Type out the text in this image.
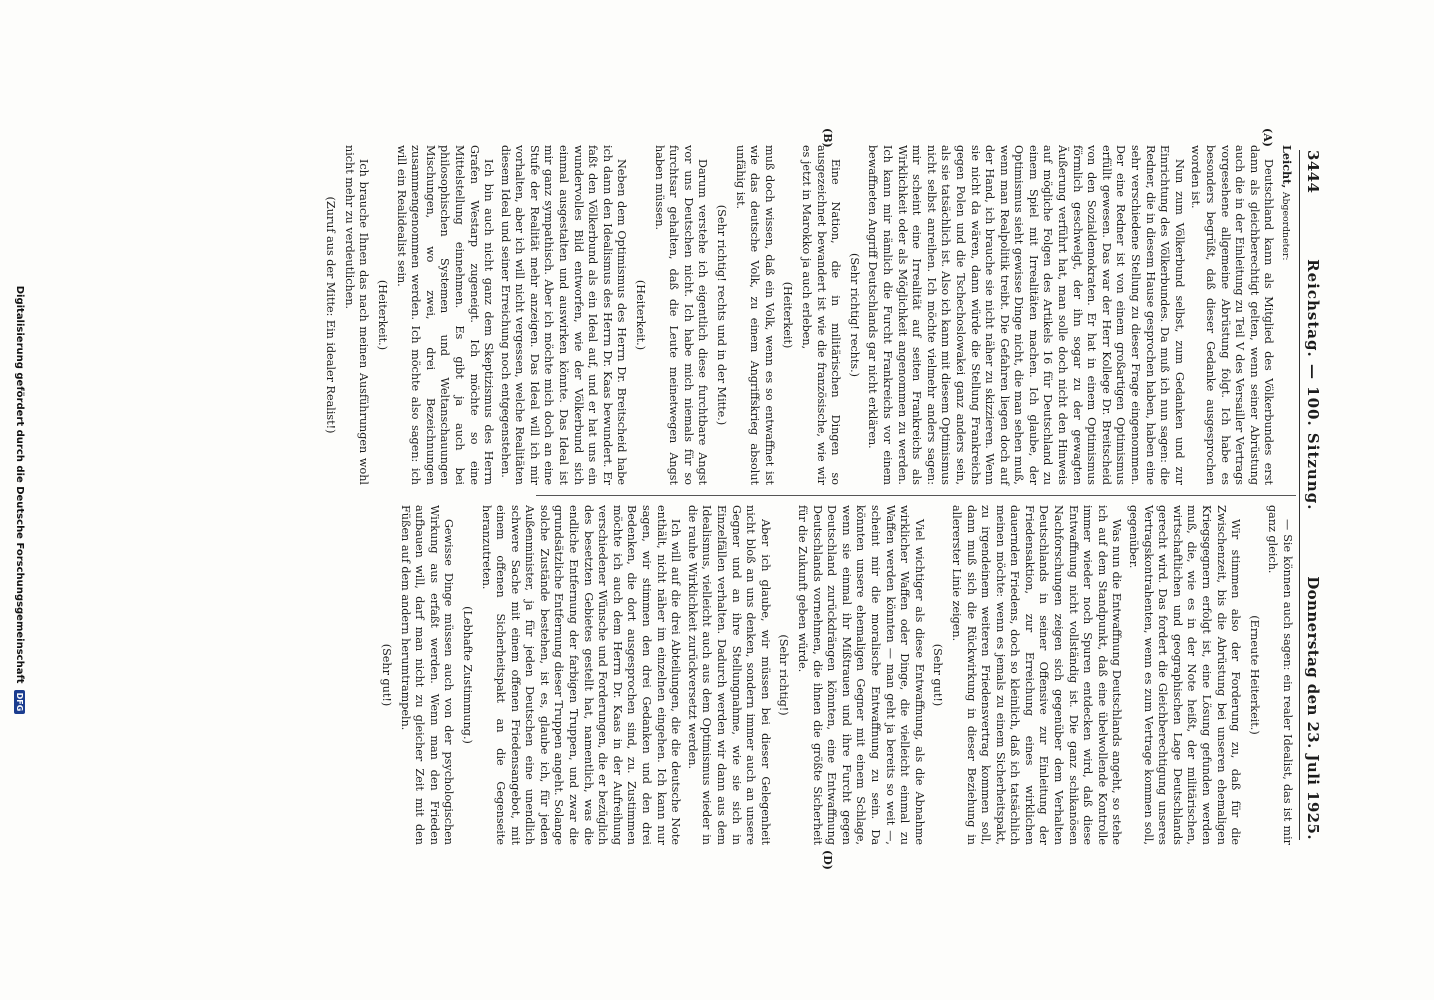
3444
Reichstag. — 100. Sitzung.
Donnerstag den 23. Juli 1925.
(A)
(B)
(D)

Leicht, Abgeordneter:

Deutschland kann als Mitglied des Völkerbundes erst dann als gleichberechtigt gelten, wenn seiner Abrüstung auch die in der Einleitung zu Teil V des Versailler Vertrags vorgesehene allgemeine Abrüstung folgt. Ich habe es besonders begrüßt, daß dieser Gedanke ausgesprochen worden ist.

Nun zum Völkerbund selbst, zum Gedanken und zur Einrichtung des Völkerbundes. Da muß ich nun sagen: die Redner, die in diesem Hause gesprochen haben, haben eine sehr verschiedene Stellung zu dieser Frage eingenommen. Der eine Redner ist von einem großartigen Optimismus erfüllt gewesen. Das war der Herr Kollege Dr. Breitscheid von den Sozialdemokraten. Er hat in einem Optimismus förmlich geschwelgt, der ihn sogar zu der gewagten Äußerung verführt hat, man solle doch nicht den Hinweis auf mögliche Folgen des Artikels 16 für Deutschland zu einem Spiel mit Irrealitäten machen. Ich glaube, der Optimismus sieht gewisse Dinge nicht, die man sehen muß, wenn man Realpolitik treibt. Die Gefahren liegen doch auf der Hand, ich brauche sie nicht näher zu skizzieren. Wenn sie nicht da wären, dann würde die Stellung Frankreichs gegen Polen und die Tschechoslowakei ganz anders sein, als sie tatsächlich ist. Also ich kann mit diesem Optimismus nicht selbst anreihen. Ich möchte vielmehr anders sagen: mir scheint eine Irrealität auf seiten Frankreichs als Wirklichkeit oder als Möglichkeit angenommen zu werden. Ich kann mir nämlich die Furcht Frankreichs vor einem bewaffneten Angriff Deutschlands gar nicht erklären.

(Sehr richtig! rechts.)

Eine Nation, die in militärischen Dingen so ausgezeichnet bewandert ist wie die französische, wie wir es jetzt in Marokko ja auch erleben,

(Heiterkeit)

muß doch wissen, daß ein Volk, wenn es so entwaffnet ist wie das deutsche Volk, zu einem Angriffskrieg absolut unfähig ist.

(Sehr richtig! rechts und in der Mitte.)

Darum verstehe ich eigentlich diese furchtbare Angst vor uns Deutschen nicht. Ich habe mich niemals für so furchtsar gehalten, daß die Leute meinetwegen Angst haben müssen.

(Heiterkeit.)

Neben dem Optimismus des Herrn Dr. Breitscheid habe ich dann den Idealismus des Herrn Dr. Kaas bewundert. Er faßt den Völkerbund als ein Ideal auf, und er hat uns ein wundervolles Bild entworfen, wie der Völkerbund sich einmal ausgestalten und auswirken könnte. Das Ideal ist mir ganz sympathisch. Aber ich möchte mich doch an eine Stufe der Realität mehr anzeigen. Das Ideal will ich mir vorhalten, aber ich will nicht vergessen, welche Realitäten diesem Ideal und seiner Erreichung noch entgegenstehen.

Ich bin auch nicht ganz dem Skeptizismus des Herrn Grafen Westarp zugeneigt. Ich möchte so eine Mittelstellung einnehmen. Es gibt ja auch bei philosophischen Systemen und Weltanschauungen Mischungen, wo zwei, drei Bezeichnungen zusammengenommen werden. Ich möchte also sagen: ich will ein Realidealist sein.

(Heiterkeit.)

Ich brauche Ihnen das nach meinen Ausführungen wohl nicht mehr zu verdeutlichen.

(Zuruf aus der Mitte: Ein idealer Realist!)

— Sie können auch sagen: ein realer Idealist, das ist mir ganz gleich.

(Erneute Heiterkeit.)

Wir stimmen also der Forderung zu, daß für die Zwischenzeit, bis die Abrüstung bei unseren ehemaligen Kriegsgegnern erfolgt ist, eine Lösung gefunden werden muß, die, wie es in der Note heißt, der militärischen, wirtschaftlichen und geographischen Lage Deutschlands gerecht wird. Das fordert die Gleichberechtigung unseres Vertragskontrahenten, wenn es zum Vertrage kommen soll, gegenüber.

Was nun die Entwaffnung Deutschlands angeht, so stehe ich auf dem Standpunkt, daß eine übelwollende Kontrolle immer wieder noch Spuren entdecken wird, daß diese Entwaffnung nicht vollständig ist. Die ganz schikanösen Nachforschungen zeigen sich gegenüber dem Verhalten Deutschlands in seiner Offensive zur Einleitung der Friedensaktion, zur Erreichung eines wirklichen dauernden Friedens, doch so kleinlich, daß ich tatsächlich meinen möchte: wenn es jemals zu einem Sicherheitspakt, zu irgendeinem weiteren Friedensvertrag kommen soll, dann muß sich die Rückwirkung in dieser Beziehung in allererster Linie zeigen.

(Sehr gut!)

Viel wichtiger als diese Entwaffnung, als die Abnahme wirklicher Waffen oder Dinge, die vielleicht einmal zu Waffen werden könnten — man geht ja bereits so weit —, scheint mir die moralische Entwaffnung zu sein. Da könnten unsere ehemaligen Gegner mit einem Schlage, wenn sie einmal ihr Mißtrauen und ihre Furcht gegen Deutschland zurückdrängen könnten, eine Entwaffnung Deutschlands vornehmen, die ihnen die größte Sicherheit für die Zukunft geben würde.

(Sehr richtig!)

Aber ich glaube, wir müssen bei dieser Gelegenheit nicht bloß an uns denken, sondern immer auch an unsere Gegner und an ihre Stellungnahme, wie sie sich in Einzelfällen verhalten. Dadurch werden wir dann aus dem Idealismus, vielleicht auch aus dem Optimismus wieder in die rauhe Wirklichkeit zurückversetzt werden.

Ich will auf die drei Abteilungen, die die deutsche Note enthält, nicht näher im einzelnen eingehen. Ich kann nur sagen, wir stimmen den drei Gedanken und den drei Bedenken, die dort ausgesprochen sind, zu. Zustimmen möchte ich auch dem Herrn Dr. Kaas in der Aufreihung verschiedener Wünsche und Forderungen, die er bezüglich des besetzten Gebietes gestellt hat, namentlich, was die endliche Entfernung der farbigen Truppen, und zwar die grundsätzliche Entfernung dieser Truppen angeht. Solange solche Zustände bestehen, ist es, glaube ich, für jeden Außenminister, ja für jeden Deutschen eine unendlich schwere Sache mit einem offenen Friedensangebot, mit einem offenen Sicherheitspakt an die Gegenseite heranzutreten.

(Lebhafte Zustimmung.)

Gewisse Dinge müssen auch von der psychologischen Wirkung aus erfaßt werden. Wenn man den Frieden aufbauen will, darf man nicht zu gleicher Zeit mit den Füßen auf dem andern herumtrampeln.

(Sehr gut!)

Digitalisierung gefördert durch die Deutsche Forschungsgemeinschaft
DFG
